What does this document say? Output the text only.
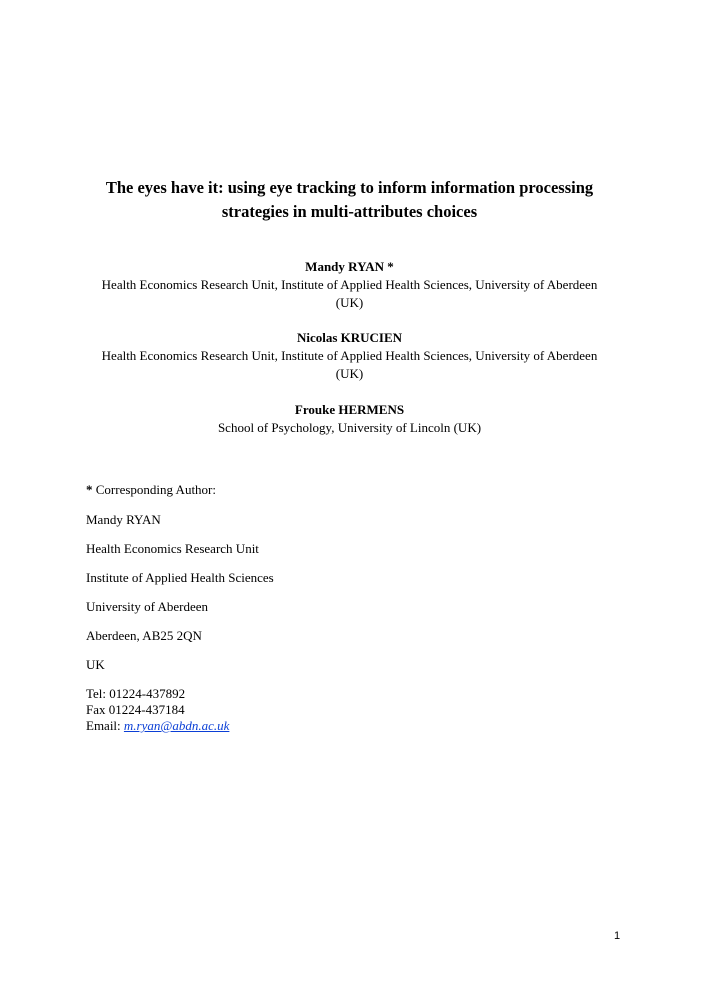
The eyes have it: using eye tracking to inform information processing
strategies in multi-attributes choices
Mandy RYAN *
Health Economics Research Unit, Institute of Applied Health Sciences, University of Aberdeen
(UK)
Nicolas KRUCIEN
Health Economics Research Unit, Institute of Applied Health Sciences, University of Aberdeen
(UK)
Frouke HERMENS
School of Psychology, University of Lincoln (UK)
* Corresponding Author:
Mandy RYAN
Health Economics Research Unit
Institute of Applied Health Sciences
University of Aberdeen
Aberdeen, AB25 2QN
UK
Tel: 01224-437892
Fax 01224-437184
Email: m.ryan@abdn.ac.uk
1
